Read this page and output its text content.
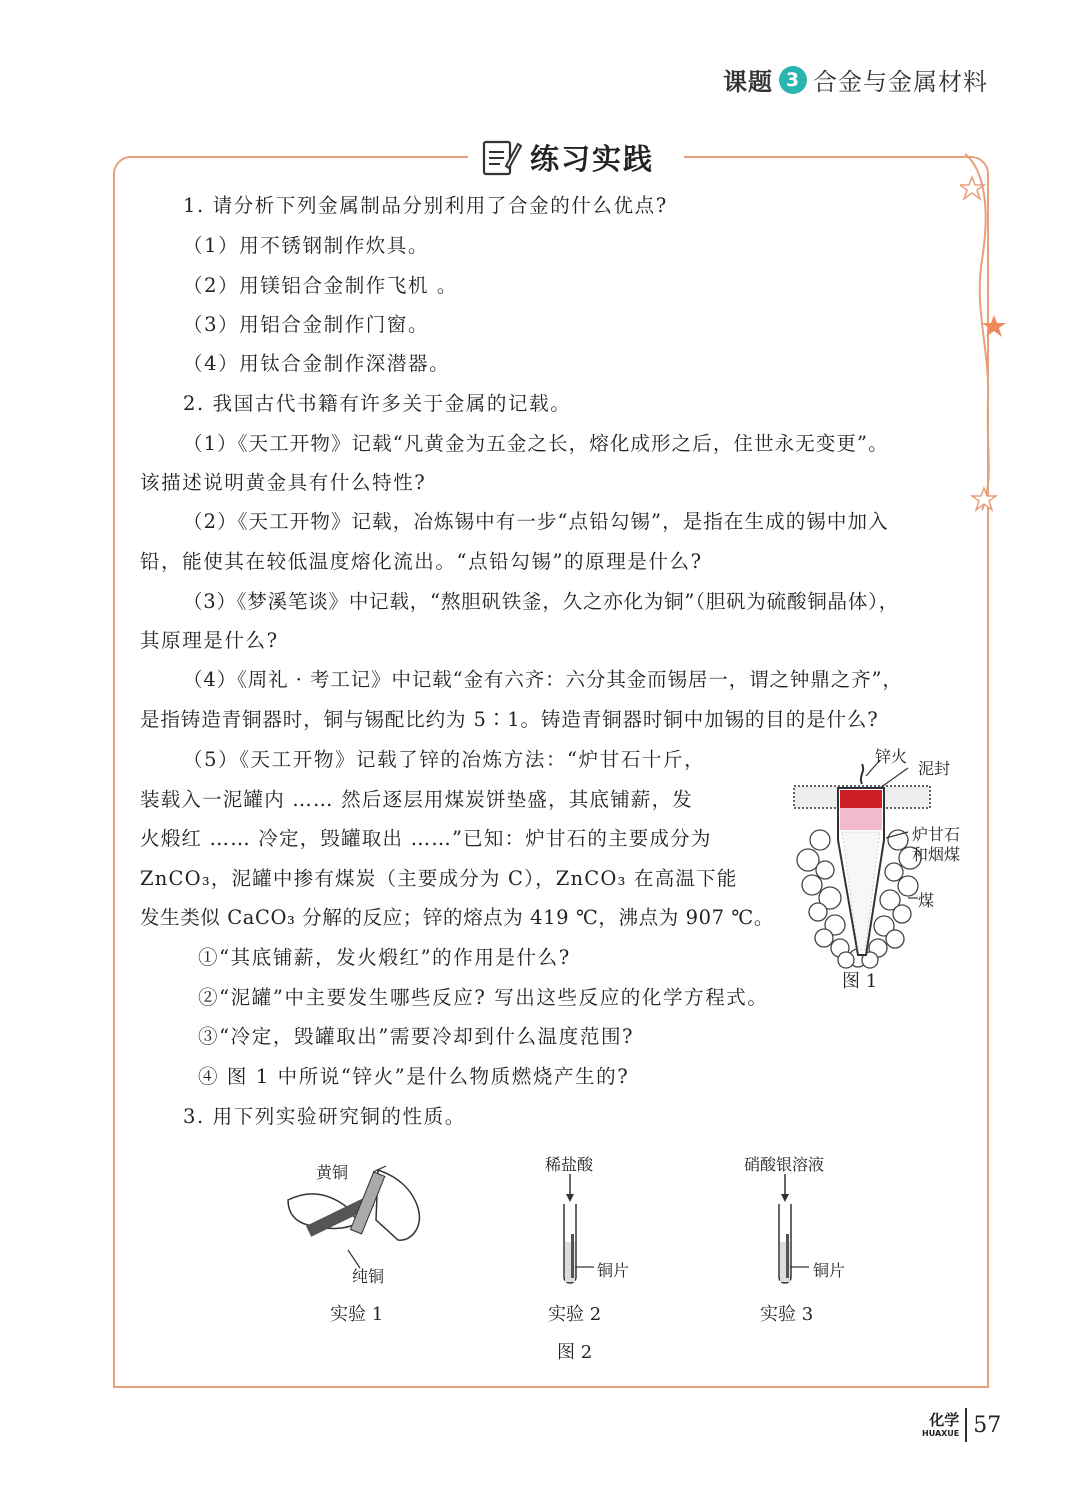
课题 3 合金与金属材料
练习实践
1. 请分析下列金属制品分别利用了合金的什么优点?
（1）用不锈钢制作炊具。
（2）用镁铝合金制作飞机 。
（3）用铝合金制作门窗。
（4）用钛合金制作深潜器。
2. 我国古代书籍有许多关于金属的记载。
（1）《天工开物》记载“凡黄金为五金之长，熔化成形之后，住世永无变更”。
该描述说明黄金具有什么特性?
（2）《天工开物》记载，冶炼锡中有一步“点铅勾锡”，是指在生成的锡中加入
铅，能使其在较低温度熔化流出。“点铅勾锡”的原理是什么?
（3）《梦溪笔谈》中记载，“熬胆矾铁釜，久之亦化为铜”（胆矾为硫酸铜晶体），
其原理是什么?
（4）《周礼 · 考工记》中记载“金有六齐：六分其金而锡居一，谓之钟鼎之齐”，
是指铸造青铜器时，铜与锡配比约为 5∶1。铸造青铜器时铜中加锡的目的是什么?
（5）《天工开物》记载了锌的冶炼方法：“炉甘石十斤，
装载入一泥罐内 …… 然后逐层用煤炭饼垫盛，其底铺薪，发
火煅红 …… 冷定，毁罐取出 ……”已知：炉甘石的主要成分为
ZnCO₃，泥罐中掺有煤炭（主要成分为 C），ZnCO₃ 在高温下能
发生类似 CaCO₃ 分解的反应；锌的熔点为 419 ℃，沸点为 907 ℃。
①“其底铺薪，发火煅红”的作用是什么?
②“泥罐”中主要发生哪些反应? 写出这些反应的化学方程式。
③“冷定，毁罐取出”需要冷却到什么温度范围?
④ 图 1 中所说“锌火”是什么物质燃烧产生的?
3. 用下列实验研究铜的性质。
锌火
泥封
炉甘石
和烟煤
煤
图 1
黄铜
纯铜
实验 1
稀盐酸
铜片
实验 2
硝酸银溶液
铜片
实验 3
图 2
化学
HUAXUE 57
